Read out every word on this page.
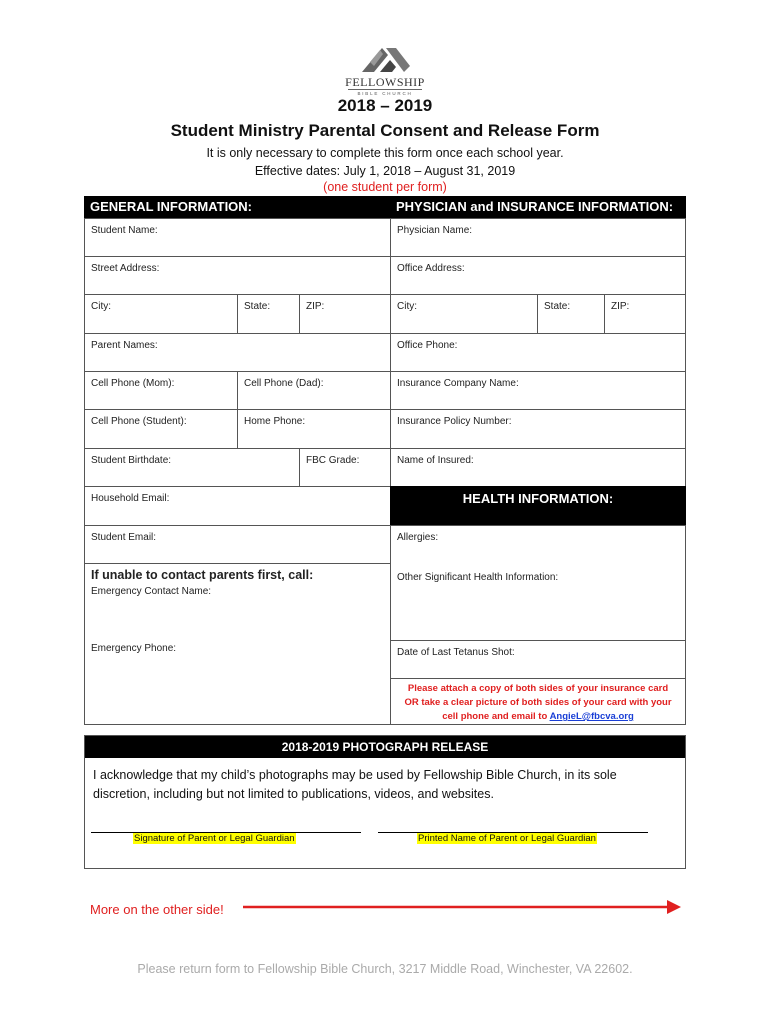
FELLOWSHIP
BIBLE CHURCH
2018 – 2019
Student Ministry Parental Consent and Release Form
It is only necessary to complete this form once each school year.
Effective dates: July 1, 2018 – August 31, 2019
(one student per form)
GENERAL INFORMATION:	PHYSICIAN and INSURANCE INFORMATION:
Student Name:
Street Address:
City:	State:	ZIP:
Parent Names:
Cell Phone (Mom):	Cell Phone (Dad):
Cell Phone (Student):	Home Phone:
Student Birthdate:	FBC Grade:
Household Email:
Student Email:
If unable to contact parents first, call:
Emergency Contact Name:
Emergency Phone:
Physician Name:
Office Address:
City:	State:	ZIP:
Office Phone:
Insurance Company Name:
Insurance Policy Number:
Name of Insured:
HEALTH INFORMATION:
Allergies:
Other Significant Health Information:
Date of Last Tetanus Shot:
Please attach a copy of both sides of your insurance card
OR take a clear picture of both sides of your card with your
cell phone and email to AngieL@fbcva.org
2018-2019 PHOTOGRAPH RELEASE
I acknowledge that my child’s photographs may be used by Fellowship Bible Church, in its sole discretion, including but not limited to publications, videos, and websites.
Signature of Parent or Legal Guardian	Printed Name of Parent or Legal Guardian
More on the other side!
Please return form to Fellowship Bible Church, 3217 Middle Road, Winchester, VA 22602.
